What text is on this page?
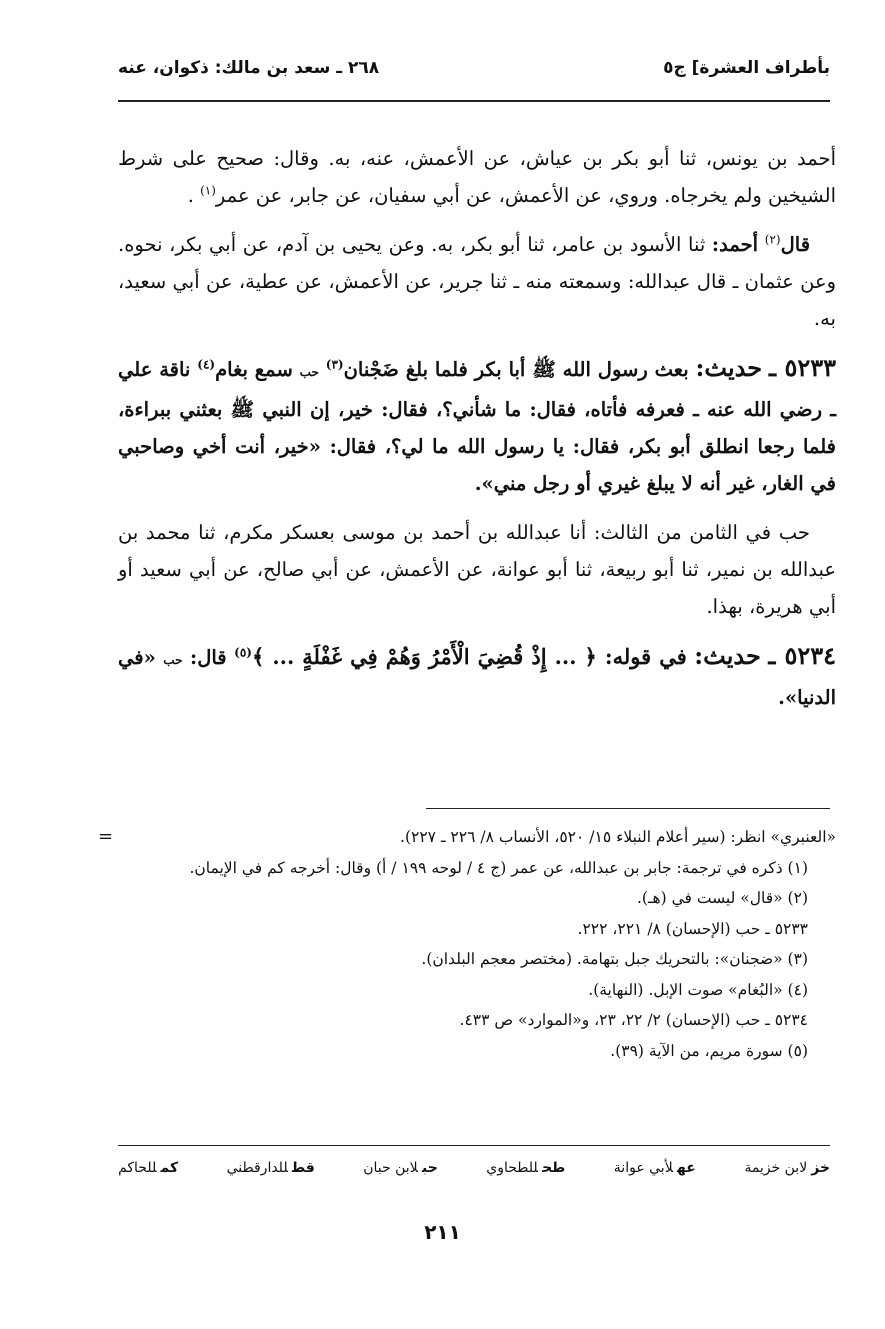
بأطراف العشرة] ج٥
٢٦٨ ـ سعد بن مالك: ذكوان، عنه

أحمد بن يونس، ثنا أبو بكر بن عياش، عن الأعمش، عنه، به. وقال: صحيح على شرط الشيخين ولم يخرجاه. وروي، عن الأعمش، عن أبي سفيان، عن جابر، عن عمر$^{(١)}$ .

قال$^{(٢)}$ أحمد: ثنا الأسود بن عامر، ثنا أبو بكر، به. وعن يحيى بن آدم، عن أبي بكر، نحوه. وعن عثمان ـ قال عبدالله: وسمعته منه ـ ثنا جرير، عن الأعمش، عن عطية، عن أبي سعيد، به.

٥٢٣٣ ـ حديث: بعث رسول الله ﷺ أبا بكر فلما بلغ ضَجْنان$^{(٣)}$ حب سمع بغام$^{(٤)}$ ناقة علي ـ رضي الله عنه ـ فعرفه فأتاه، فقال: ما شأني؟، فقال: خير، إن النبي ﷺ بعثني ببراءة، فلما رجعا انطلق أبو بكر، فقال: يا رسول الله ما لي؟، فقال: «خير، أنت أخي وصاحبي في الغار، غير أنه لا يبلغ غيري أو رجل مني».

حب في الثامن من الثالث: أنا عبدالله بن أحمد بن موسى بعسكر مكرم، ثنا محمد بن عبدالله بن نمير، ثنا أبو ربيعة، ثنا أبو عوانة، عن الأعمش، عن أبي صالح، عن أبي سعيد أو أبي هريرة، بهذا.

٥٢٣٤ ـ حديث: في قوله: ﴿ ... إِذْ قُضِيَ الْأَمْرُ وَهُمْ فِي غَفْلَةٍ ... ﴾$^{(٥)}$ قال: حب «في الدنيا».

=	«العنبري» انظر: (سير أعلام النبلاء ١٥/ ٥٢٠، الأنساب ٨/ ٢٢٦ ـ ٢٢٧).

(١) ذكره في ترجمة: جابر بن عبدالله، عن عمر (ج ٤ / لوحه ١٩٩ / أ) وقال: أخرجه كم في الإيمان.

(٢) «قال» ليست في (هـ).

٥٢٣٣ ـ حب (الإحسان) ٨/ ٢٢١، ٢٢٢.

(٣) «ضجنان»: بالتحريك جبل بتهامة. (مختصر معجم البلدان).

(٤) «البُغام» صوت الإبل. (النهاية).

٥٢٣٤ ـ حب (الإحسان) ٢/ ٢٢، ٢٣، و«الموارد» ص ٤٣٣.

(٥) سورة مريم، من الآية (٣٩).

خزلابن خزيمة
عهلأبي عوانة
طحللطحاوي
حبلابن حبان
قطللدارقطني
كمللحاكم
٢١١
